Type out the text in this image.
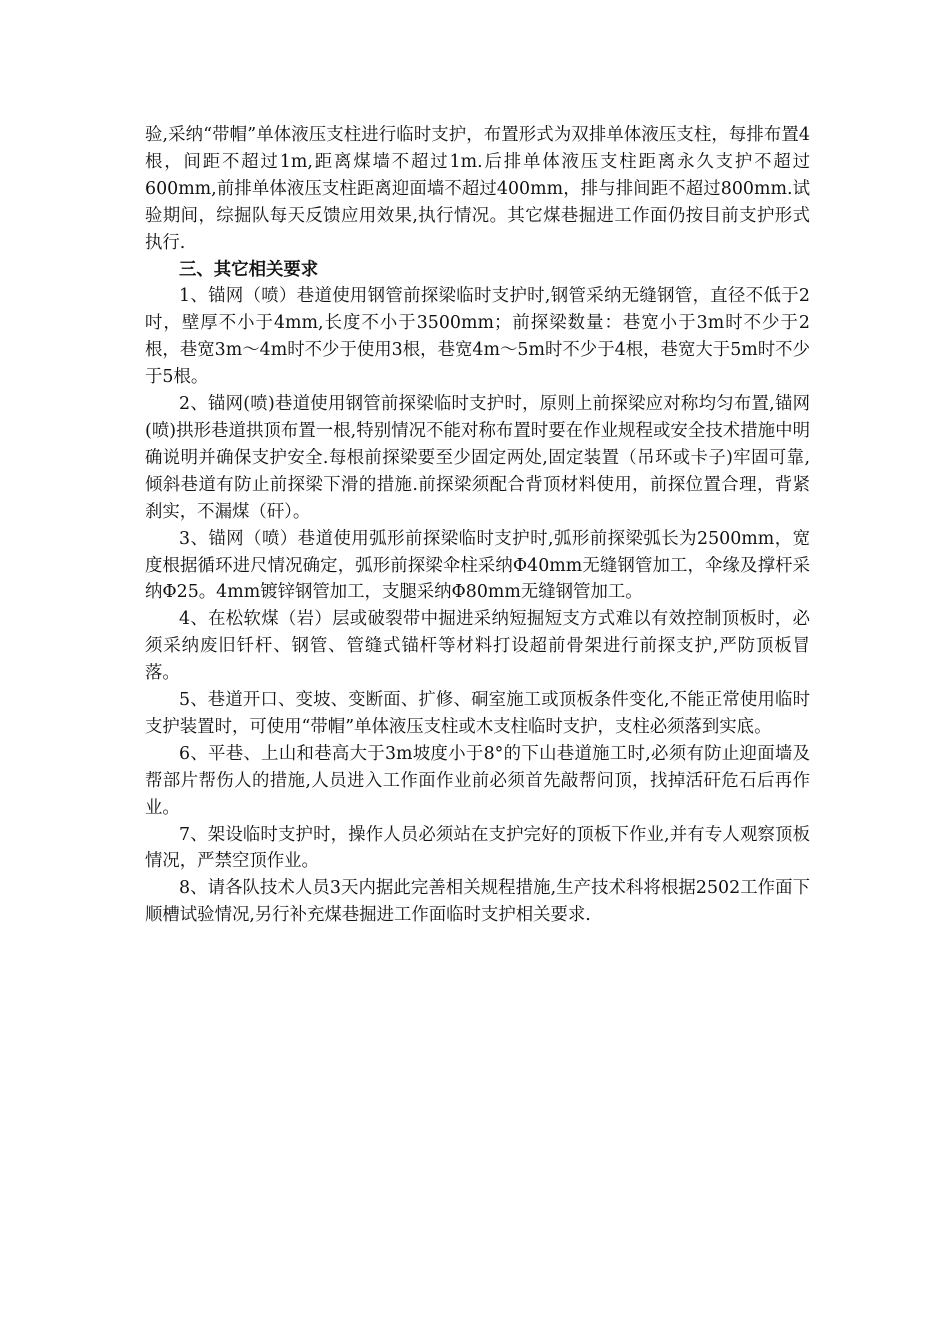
验,采纳“带帽”单体液压支柱进行临时支护，布置形式为双排单体液压支柱，每排布置4根，间距不超过1m,距离煤墙不超过1m.后排单体液压支柱距离永久支护不超过600mm,前排单体液压支柱距离迎面墙不超过400mm，排与排间距不超过800mm.试验期间，综掘队每天反馈应用效果,执行情况。其它煤巷掘进工作面仍按目前支护形式执行.

三、其它相关要求

1、锚网（喷）巷道使用钢管前探梁临时支护时,钢管采纳无缝钢管，直径不低于2吋，壁厚不小于4mm,长度不小于3500mm；前探梁数量：巷宽小于3m时不少于2根，巷宽3m～4m时不少于使用3根，巷宽4m～5m时不少于4根，巷宽大于5m时不少于5根。

2、锚网(喷)巷道使用钢管前探梁临时支护时，原则上前探梁应对称均匀布置,锚网(喷)拱形巷道拱顶布置一根,特别情况不能对称布置时要在作业规程或安全技术措施中明确说明并确保支护安全.每根前探梁要至少固定两处,固定装置（吊环或卡子)牢固可靠,倾斜巷道有防止前探梁下滑的措施.前探梁须配合背顶材料使用，前探位置合理，背紧刹实，不漏煤（矸）。

3、锚网（喷）巷道使用弧形前探梁临时支护时,弧形前探梁弧长为2500mm，宽度根据循环进尺情况确定，弧形前探梁伞柱采纳Φ40mm无缝钢管加工，伞缘及撑杆采纳Φ25。4mm镀锌钢管加工，支腿采纳Φ80mm无缝钢管加工。

4、在松软煤（岩）层或破裂带中掘进采纳短掘短支方式难以有效控制顶板时，必须采纳废旧钎杆、钢管、管缝式锚杆等材料打设超前骨架进行前探支护,严防顶板冒落。

5、巷道开口、变坡、变断面、扩修、硐室施工或顶板条件变化,不能正常使用临时支护装置时，可使用“带帽”单体液压支柱或木支柱临时支护，支柱必须落到实底。

6、平巷、上山和巷高大于3m坡度小于8°的下山巷道施工时,必须有防止迎面墙及帮部片帮伤人的措施,人员进入工作面作业前必须首先敲帮问顶，找掉活矸危石后再作业。

7、架设临时支护时，操作人员必须站在支护完好的顶板下作业,并有专人观察顶板情况，严禁空顶作业。

8、请各队技术人员3天内据此完善相关规程措施,生产技术科将根据2502工作面下顺槽试验情况,另行补充煤巷掘进工作面临时支护相关要求.
